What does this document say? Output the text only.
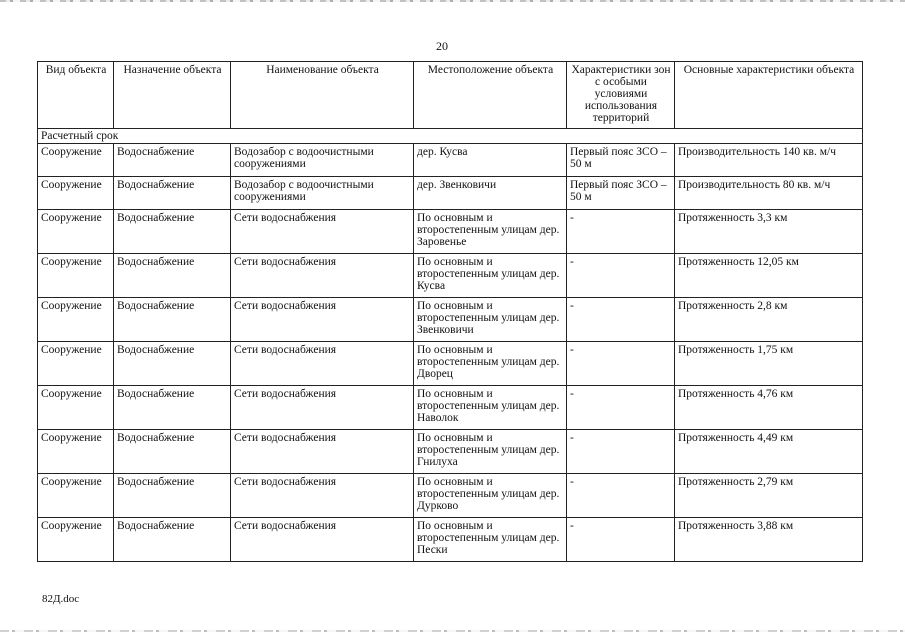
20
Вид объекта	Назначение объекта	Наименование объекта	Местоположение объекта	Характеристики зон с особыми условиями использования территорий	Основные характеристики объекта
Расчетный срок					
Сооружение	Водоснабжение	Водозабор с водоочистными сооружениями	дер. Кусва	Первый пояс ЗСО – 50 м	Производительность 140 кв. м/ч
Сооружение	Водоснабжение	Водозабор с водоочистными сооружениями	дер. Звенковичи	Первый пояс ЗСО – 50 м	Производительность 80 кв. м/ч
Сооружение	Водоснабжение	Сети водоснабжения	По основным и второстепенным улицам дер. Заровенье	-	Протяженность 3,3 км
Сооружение	Водоснабжение	Сети водоснабжения	По основным и второстепенным улицам дер. Кусва	-	Протяженность 12,05 км
Сооружение	Водоснабжение	Сети водоснабжения	По основным и второстепенным улицам дер. Звенковичи	-	Протяженность 2,8 км
Сооружение	Водоснабжение	Сети водоснабжения	По основным и второстепенным улицам дер. Дворец	-	Протяженность 1,75 км
Сооружение	Водоснабжение	Сети водоснабжения	По основным и второстепенным улицам дер. Наволок	-	Протяженность 4,76 км
Сооружение	Водоснабжение	Сети водоснабжения	По основным и второстепенным улицам дер. Гнилуха	-	Протяженность 4,49 км
Сооружение	Водоснабжение	Сети водоснабжения	По основным и второстепенным улицам дер. Дурково	-	Протяженность 2,79 км
Сооружение	Водоснабжение	Сети водоснабжения	По основным и второстепенным улицам дер. Пески	-	Протяженность 3,88 км
82Д.doc
